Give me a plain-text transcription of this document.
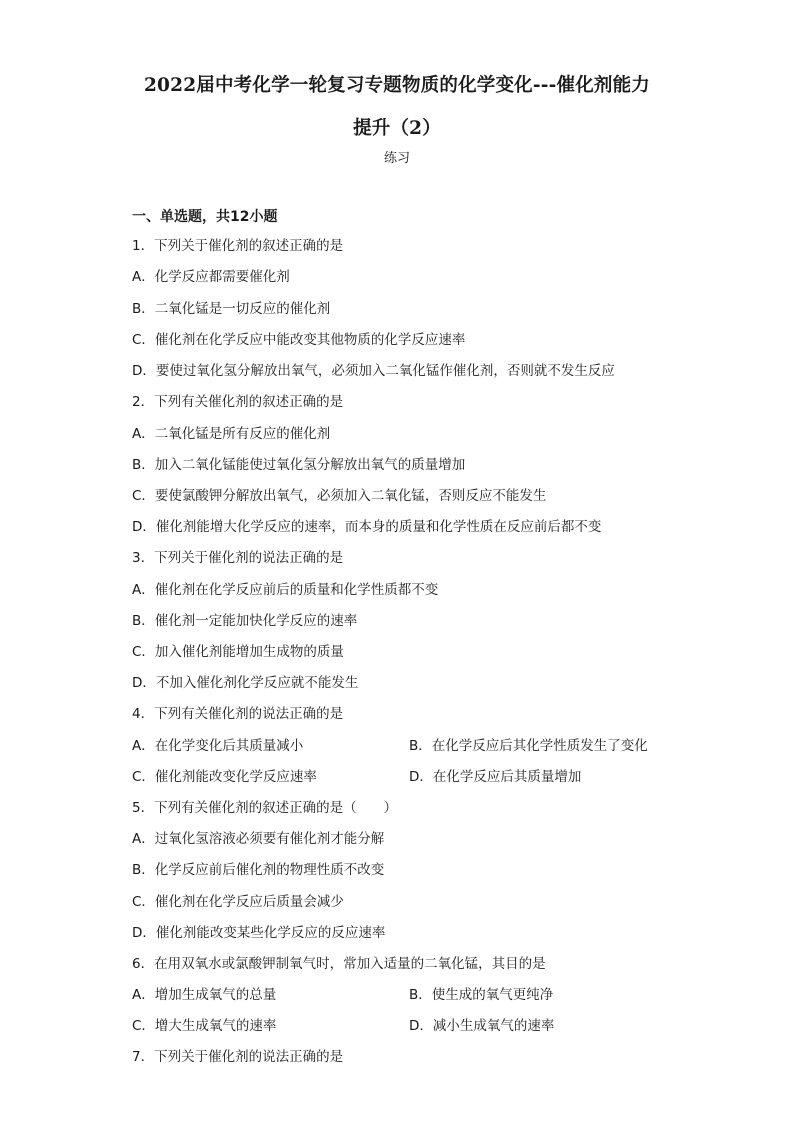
2022届中考化学一轮复习专题物质的化学变化---催化剂能力
提升（2）
练习
一、单选题，共12小题
1．下列关于催化剂的叙述正确的是
A．化学反应都需要催化剂
B．二氧化锰是一切反应的催化剂
C．催化剂在化学反应中能改变其他物质的化学反应速率
D．要使过氧化氢分解放出氧气，必须加入二氧化锰作催化剂，否则就不发生反应
2．下列有关催化剂的叙述正确的是
A．二氧化锰是所有反应的催化剂
B．加入二氧化锰能使过氧化氢分解放出氧气的质量增加
C．要使氯酸钾分解放出氧气，必须加入二氧化锰，否则反应不能发生
D．催化剂能增大化学反应的速率，而本身的质量和化学性质在反应前后都不变
3．下列关于催化剂的说法正确的是
A．催化剂在化学反应前后的质量和化学性质都不变
B．催化剂一定能加快化学反应的速率
C．加入催化剂能增加生成物的质量
D．不加入催化剂化学反应就不能发生
4．下列有关催化剂的说法正确的是
A．在化学变化后其质量减小	B．在化学反应后其化学性质发生了变化
C．催化剂能改变化学反应速率	D．在化学反应后其质量增加
5．下列有关催化剂的叙述正确的是（　　）
A．过氧化氢溶液必须要有催化剂才能分解
B．化学反应前后催化剂的物理性质不改变
C．催化剂在化学反应后质量会减少
D．催化剂能改变某些化学反应的反应速率
6．在用双氧水或氯酸钾制氧气时，常加入适量的二氧化锰，其目的是
A．增加生成氧气的总量	B．使生成的氧气更纯净
C．增大生成氧气的速率	D．减小生成氧气的速率
7．下列关于催化剂的说法正确的是
